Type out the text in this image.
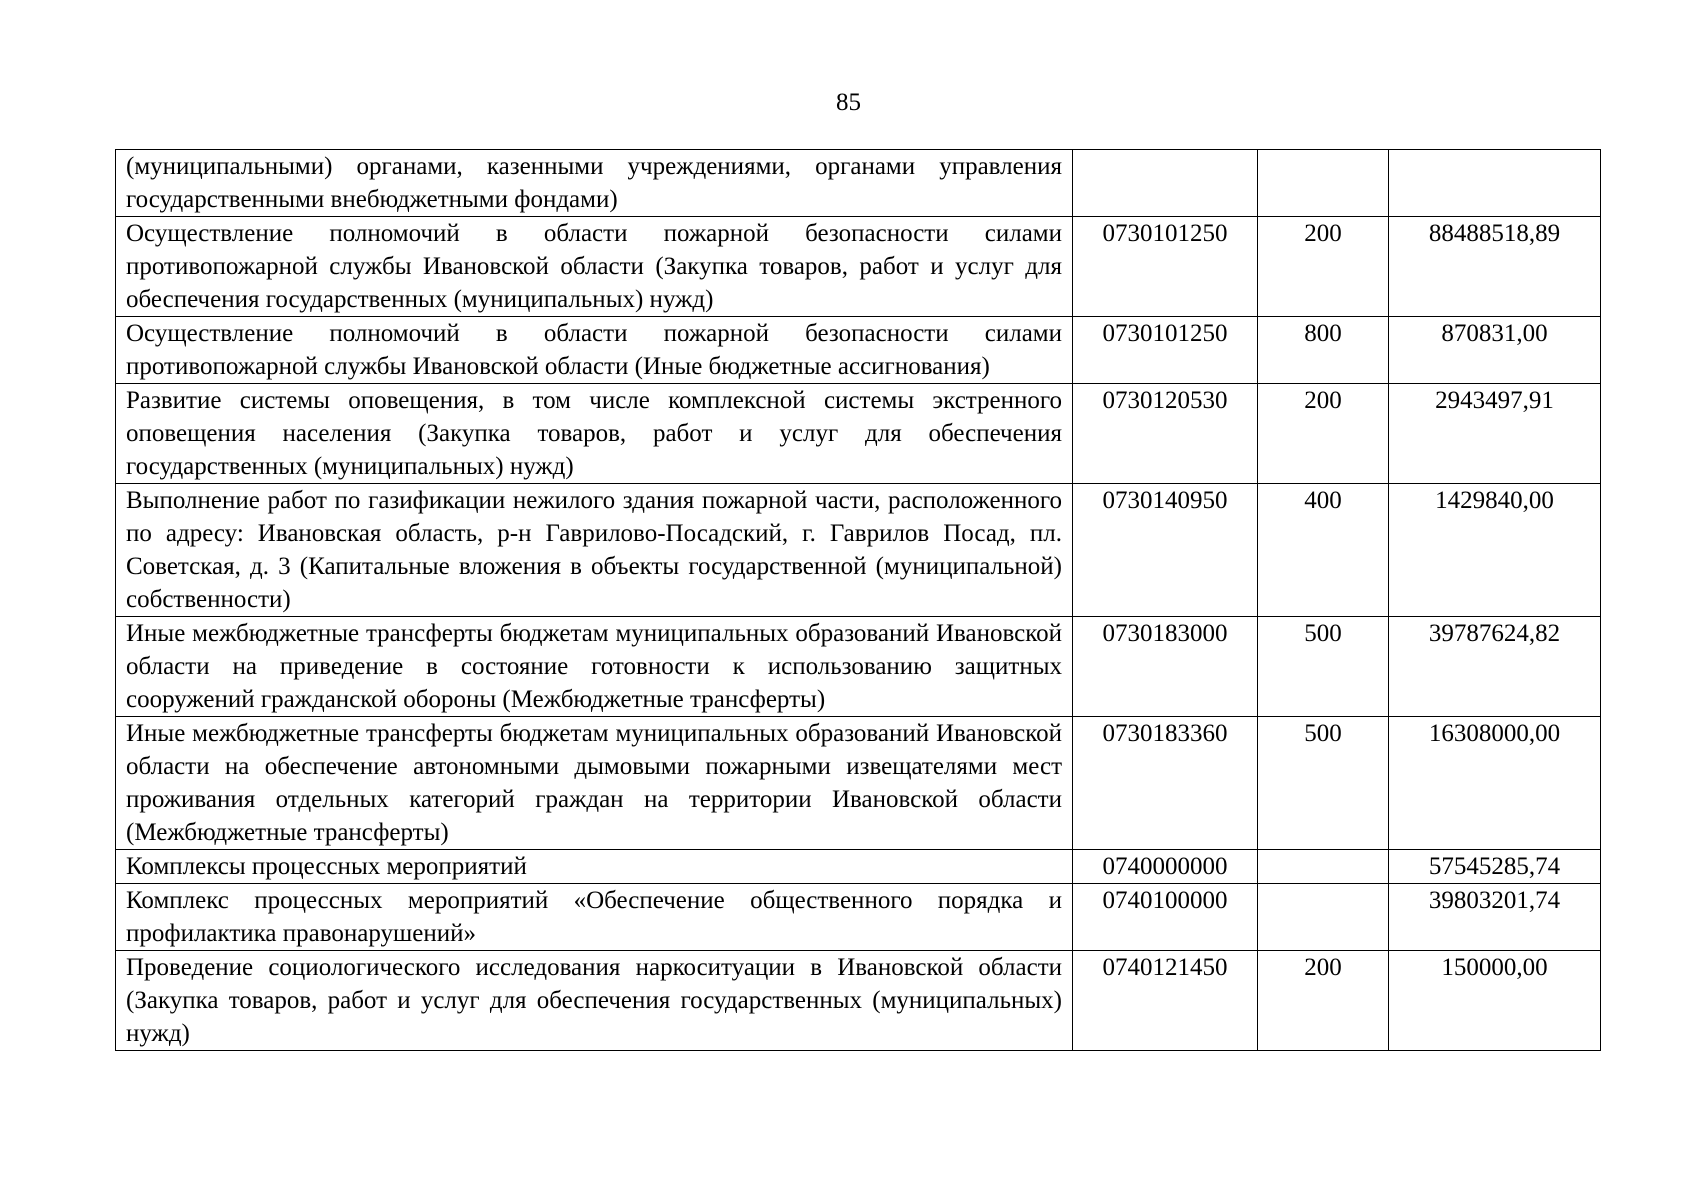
85
(муниципальными) органами, казенными учреждениями, органами управления государственными внебюджетными фондами)			
Осуществление полномочий в области пожарной безопасности силами противопожарной службы Ивановской области (Закупка товаров, работ и услуг для обеспечения государственных (муниципальных) нужд)	0730101250	200	88488518,89
Осуществление полномочий в области пожарной безопасности силами противопожарной службы Ивановской области (Иные бюджетные ассигнования)	0730101250	800	870831,00
Развитие системы оповещения, в том числе комплексной системы экстренного оповещения населения (Закупка товаров, работ и услуг для обеспечения государственных (муниципальных) нужд)	0730120530	200	2943497,91
Выполнение работ по газификации нежилого здания пожарной части, расположенного по адресу: Ивановская область, р-н Гаврилово-Посадский, г. Гаврилов Посад, пл. Советская, д. 3 (Капитальные вложения в объекты государственной (муниципальной) собственности)	0730140950	400	1429840,00
Иные межбюджетные трансферты бюджетам муниципальных образований Ивановской области на приведение в состояние готовности к использованию защитных сооружений гражданской обороны (Межбюджетные трансферты)	0730183000	500	39787624,82
Иные межбюджетные трансферты бюджетам муниципальных образований Ивановской области на обеспечение автономными дымовыми пожарными извещателями мест проживания отдельных категорий граждан на территории Ивановской области (Межбюджетные трансферты)	0730183360	500	16308000,00
Комплексы процессных мероприятий	0740000000		57545285,74
Комплекс процессных мероприятий «Обеспечение общественного порядка и профилактика правонарушений»	0740100000		39803201,74
Проведение социологического исследования наркоситуации в Ивановской области (Закупка товаров, работ и услуг для обеспечения государственных (муниципальных) нужд)	0740121450	200	150000,00
